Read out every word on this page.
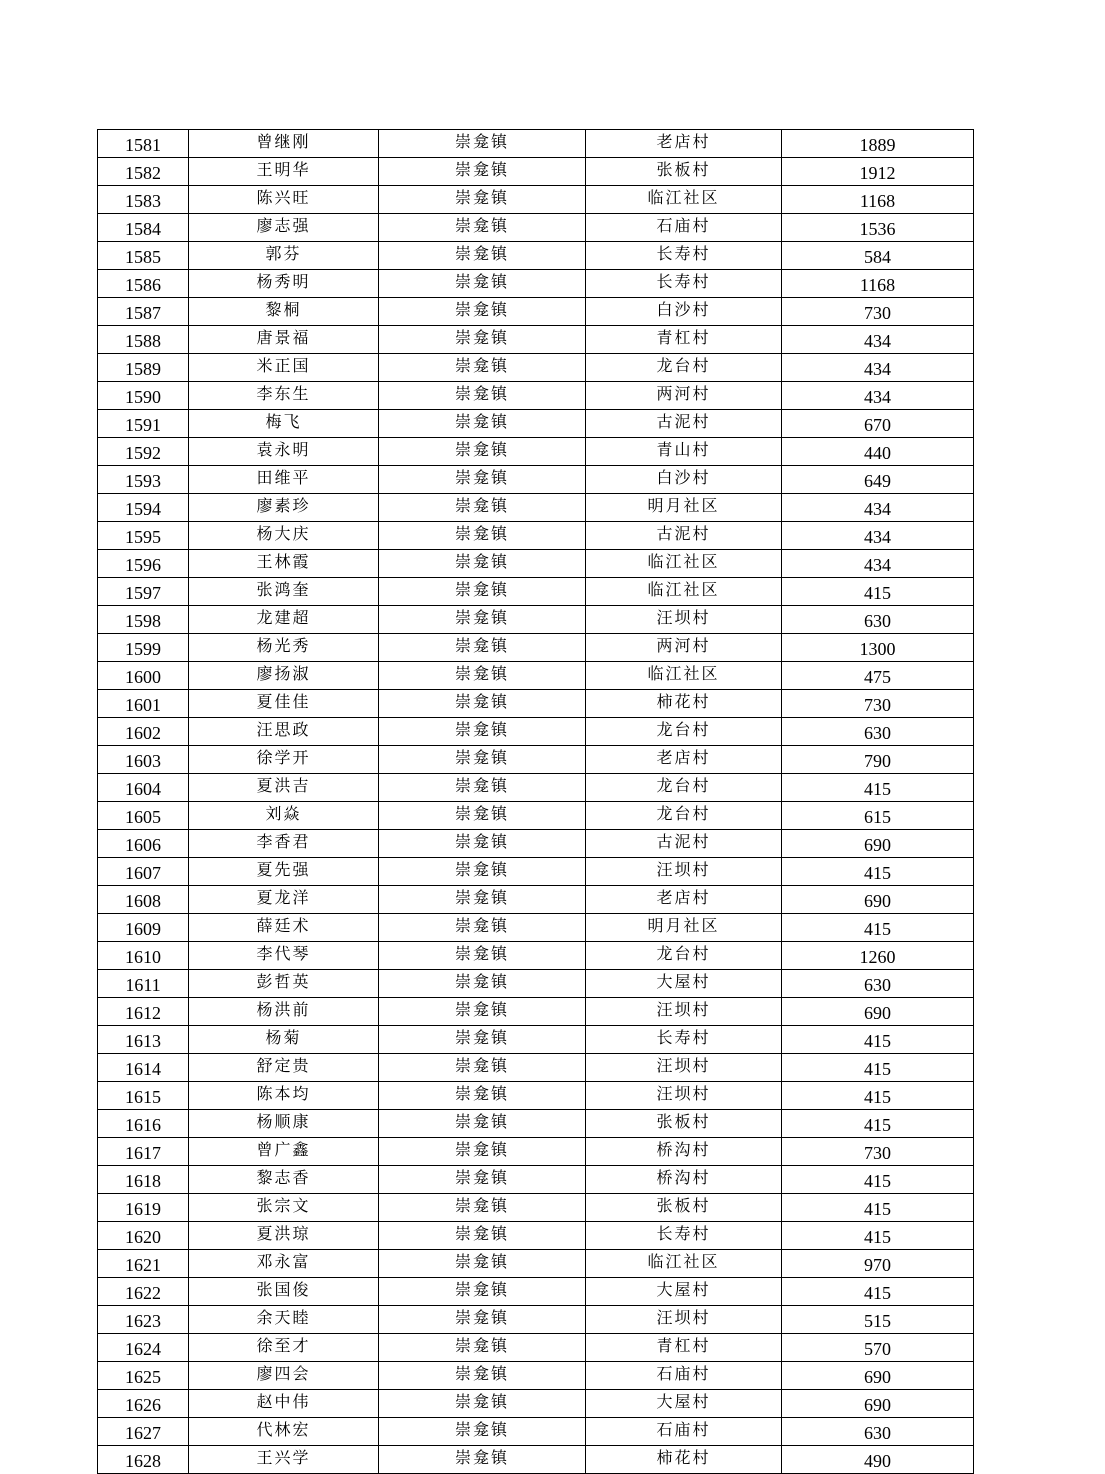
1581	曾继刚	崇龛镇	老店村	1889
1582	王明华	崇龛镇	张板村	1912
1583	陈兴旺	崇龛镇	临江社区	1168
1584	廖志强	崇龛镇	石庙村	1536
1585	郭芬	崇龛镇	长寿村	584
1586	杨秀明	崇龛镇	长寿村	1168
1587	黎桐	崇龛镇	白沙村	730
1588	唐景福	崇龛镇	青杠村	434
1589	米正国	崇龛镇	龙台村	434
1590	李东生	崇龛镇	两河村	434
1591	梅飞	崇龛镇	古泥村	670
1592	袁永明	崇龛镇	青山村	440
1593	田维平	崇龛镇	白沙村	649
1594	廖素珍	崇龛镇	明月社区	434
1595	杨大庆	崇龛镇	古泥村	434
1596	王林霞	崇龛镇	临江社区	434
1597	张鸿奎	崇龛镇	临江社区	415
1598	龙建超	崇龛镇	汪坝村	630
1599	杨光秀	崇龛镇	两河村	1300
1600	廖扬淑	崇龛镇	临江社区	475
1601	夏佳佳	崇龛镇	柿花村	730
1602	汪思政	崇龛镇	龙台村	630
1603	徐学开	崇龛镇	老店村	790
1604	夏洪吉	崇龛镇	龙台村	415
1605	刘焱	崇龛镇	龙台村	615
1606	李香君	崇龛镇	古泥村	690
1607	夏先强	崇龛镇	汪坝村	415
1608	夏龙洋	崇龛镇	老店村	690
1609	薛廷术	崇龛镇	明月社区	415
1610	李代琴	崇龛镇	龙台村	1260
1611	彭哲英	崇龛镇	大屋村	630
1612	杨洪前	崇龛镇	汪坝村	690
1613	杨菊	崇龛镇	长寿村	415
1614	舒定贵	崇龛镇	汪坝村	415
1615	陈本均	崇龛镇	汪坝村	415
1616	杨顺康	崇龛镇	张板村	415
1617	曾广鑫	崇龛镇	桥沟村	730
1618	黎志香	崇龛镇	桥沟村	415
1619	张宗文	崇龛镇	张板村	415
1620	夏洪琼	崇龛镇	长寿村	415
1621	邓永富	崇龛镇	临江社区	970
1622	张国俊	崇龛镇	大屋村	415
1623	余天睦	崇龛镇	汪坝村	515
1624	徐至才	崇龛镇	青杠村	570
1625	廖四会	崇龛镇	石庙村	690
1626	赵中伟	崇龛镇	大屋村	690
1627	代林宏	崇龛镇	石庙村	630
1628	王兴学	崇龛镇	柿花村	490
